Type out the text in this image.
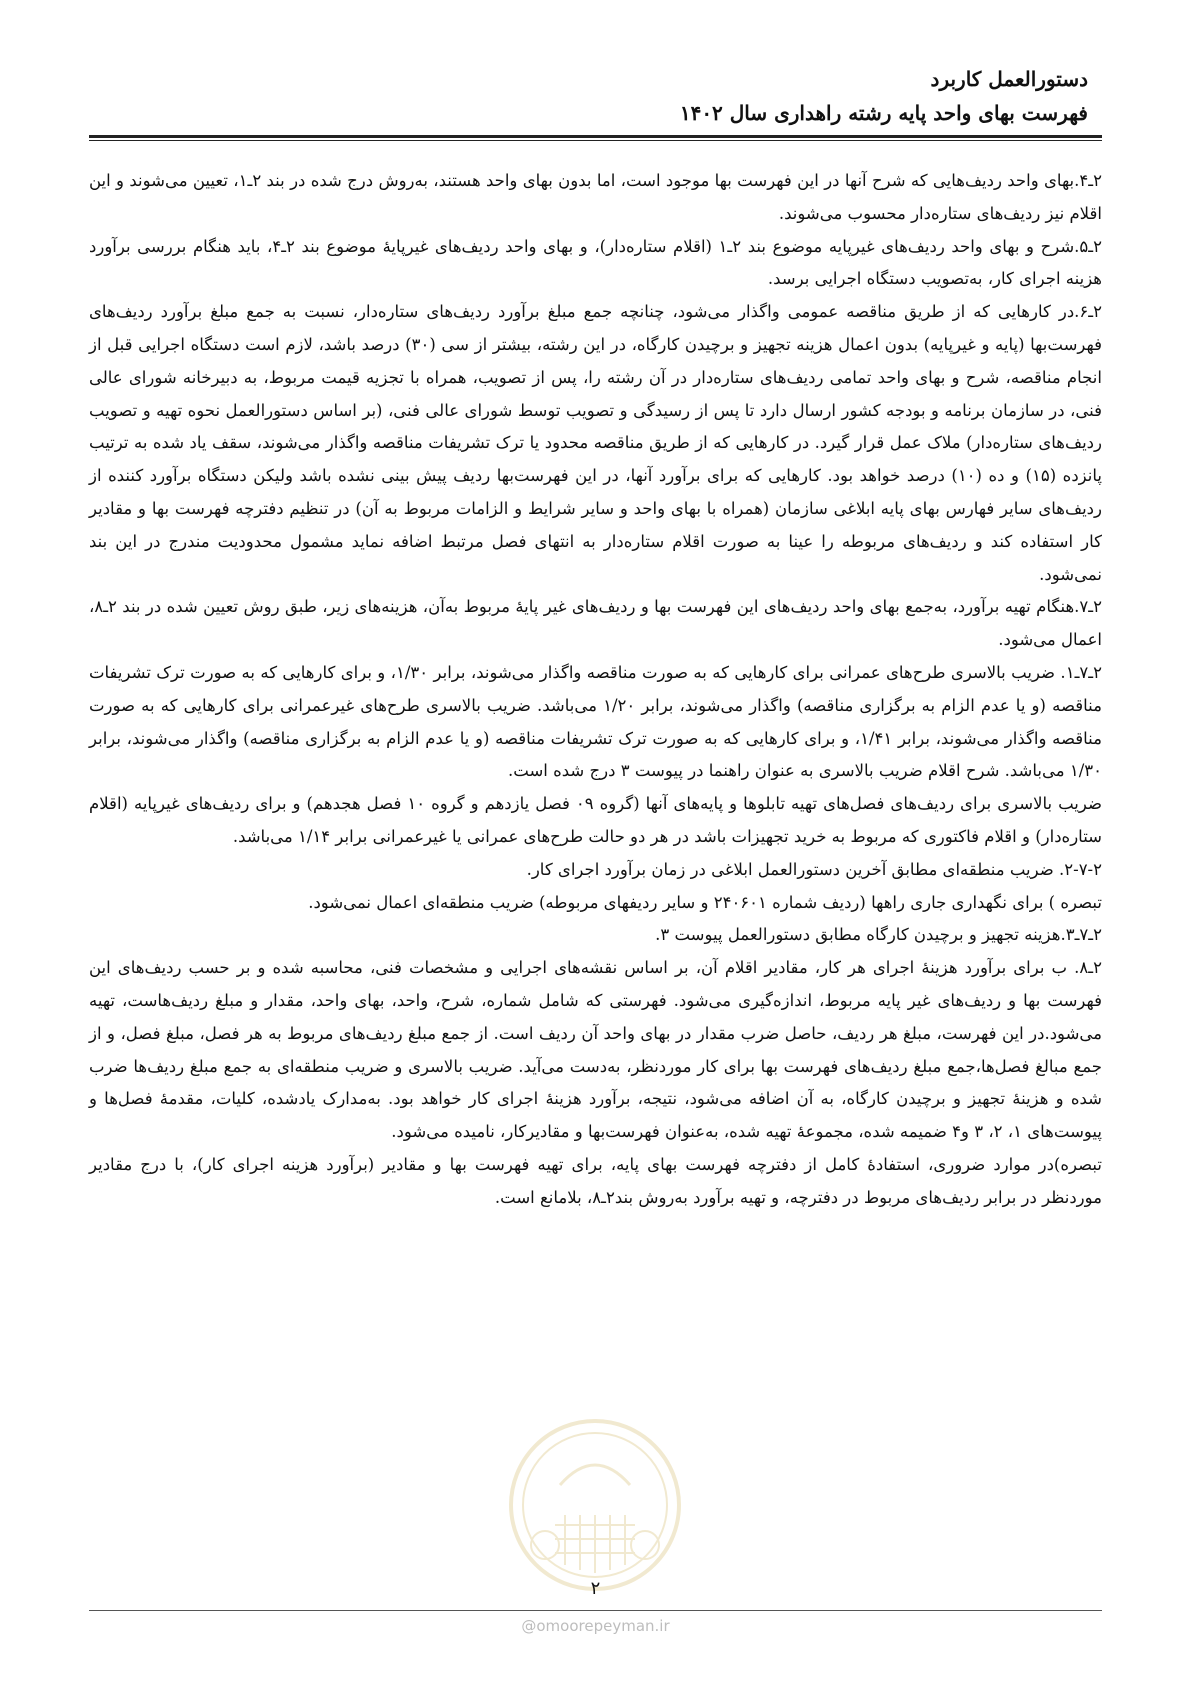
دستورالعمل کاربرد
فهرست بهای واحد پایه رشته راهداری سال ۱۴۰۲

۲ـ۴.بهای واحد ردیف‌هایی که شرح آنها در این فهرست بها موجود است، اما بدون بهای واحد هستند، به‌روش درج شده در بند ۲ـ۱، تعیین می‌شوند و این اقلام نیز ردیف‌های ستاره‌دار محسوب می‌شوند.

۲ـ۵.شرح و بهای واحد ردیف‌های غیرپایه موضوع بند ۲ـ۱ (اقلام ستاره‌دار)، و بهای واحد ردیف‌های غیرپایهٔ موضوع بند ۲ـ۴، باید هنگام بررسی برآورد هزینه اجرای کار، به‌تصویب دستگاه اجرایی برسد.

۲ـ۶.در کارهایی که از طریق مناقصه عمومی واگذار می‌شود، چنانچه جمع مبلغ برآورد ردیف‌های ستاره‌دار، نسبت به جمع مبلغ برآورد ردیف‌های فهرست‌بها (پایه و غیرپایه) بدون اعمال هزینه تجهیز و برچیدن کارگاه، در این رشته، بیشتر از سی (۳۰) درصد باشد، لازم است دستگاه اجرایی قبل از انجام مناقصه، شرح و بهای واحد تمامی ردیف‌های ستاره‌دار در آن رشته را، پس از تصویب، همراه با تجزیه قیمت مربوط، به دبیرخانه شورای عالی فنی، در سازمان برنامه و بودجه کشور ارسال دارد تا پس از رسیدگی و تصویب توسط شورای عالی فنی، (بر اساس دستورالعمل نحوه تهیه و تصویب ردیف‌های ستاره‌دار) ملاک عمل قرار گیرد. در کارهایی که از طریق مناقصه محدود یا ترک تشریفات مناقصه واگذار می‌شوند، سقف یاد شده به ترتیب پانزده (۱۵) و ده (۱۰) درصد خواهد بود. کارهایی که برای برآورد آنها، در این فهرست‌بها ردیف پیش بینی نشده باشد ولیکن دستگاه برآورد کننده از ردیف‌های سایر فهارس بهای پایه ابلاغی سازمان (همراه با بهای واحد و سایر شرایط و الزامات مربوط به آن) در تنظیم دفترچه فهرست بها و مقادیر کار استفاده کند و ردیف‌های مربوطه را عینا به صورت اقلام ستاره‌دار به انتهای فصل مرتبط اضافه نماید مشمول محدودیت مندرج در این بند نمی‌شود.

۲ـ۷.هنگام تهیه برآورد، به‌جمع بهای واحد ردیف‌های این فهرست بها و ردیف‌های غیر پایهٔ مربوط به‌آن، هزینه‌های زیر، طبق روش تعیین شده در بند ۲ـ۸، اعمال می‌شود.

۲ـ۷ـ۱. ضریب بالاسری طرح‌های عمرانی برای کارهایی که به صورت مناقصه واگذار می‌شوند، برابر ۱/۳۰، و برای کارهایی که به صورت ترک تشریفات مناقصه (و یا عدم الزام به برگزاری مناقصه) واگذار می‌شوند، برابر ۱/۲۰ می‌باشد. ضریب بالاسری طرح‌های غیرعمرانی برای کارهایی که به صورت مناقصه واگذار می‌شوند، برابر ۱/۴۱، و برای کارهایی که به صورت ترک تشریفات مناقصه (و یا عدم الزام به برگزاری مناقصه) واگذار می‌شوند، برابر ۱/۳۰ می‌باشد. شرح اقلام ضریب بالاسری به عنوان راهنما در پیوست ۳ درج شده است.

ضریب بالاسری برای ردیف‌های فصل‌های تهیه تابلوها و پایه‌های آنها (گروه ۰۹ فصل یازدهم و گروه ۱۰ فصل هجدهم) و برای ردیف‌های غیرپایه (اقلام ستاره‌دار) و اقلام فاکتوری که مربوط به خرید تجهیزات باشد در هر دو حالت طرح‌های عمرانی یا غیرعمرانی برابر ۱/۱۴ می‌باشد.

۲-۷-۲. ضریب منطقه‌ای مطابق آخرین دستورالعمل ابلاغی در زمان برآورد اجرای کار.

تبصره ) برای نگهداری جاری راهها (ردیف شماره ۲۴۰۶۰۱ و سایر ردیفهای مربوطه) ضریب منطقه‌ای اعمال نمی‌شود.

۲ـ۷ـ۳.هزینه تجهیز و برچیدن کارگاه مطابق دستورالعمل پیوست ۳.

۲ـ۸. ب برای برآورد هزینهٔ اجرای هر کار، مقادیر اقلام آن، بر اساس نقشه‌های اجرایی و مشخصات فنی، محاسبه شده و بر حسب ردیف‌های این فهرست بها و ردیف‌های غیر پایه مربوط، اندازه‌گیری می‌شود. فهرستی که شامل شماره، شرح، واحد، بهای واحد، مقدار و مبلغ ردیف‌هاست، تهیه می‌شود.در این فهرست، مبلغ هر ردیف، حاصل ضرب مقدار در بهای واحد آن ردیف است. از جمع مبلغ ردیف‌های مربوط به هر فصل، مبلغ فصل، و از جمع مبالغ فصل‌ها،جمع مبلغ ردیف‌های فهرست بها برای کار موردنظر، به‌دست می‌آید. ضریب بالاسری و ضریب منطقه‌ای به جمع مبلغ ردیف‌ها ضرب شده و هزینهٔ تجهیز و برچیدن کارگاه، به آن اضافه می‌شود، نتیجه، برآورد هزینهٔ اجرای کار خواهد بود. به‌مدارک یادشده، کلیات، مقدمهٔ فصل‌ها و پیوست‌های ۱، ۲، ۳ و۴ ضمیمه شده، مجموعهٔ تهیه شده، به‌عنوان فهرست‌بها و مقادیرکار، نامیده می‌شود.

تبصره)در موارد ضروری، استفادهٔ کامل از دفترچه فهرست بهای پایه، برای تهیه فهرست بها و مقادیر (برآورد هزینه اجرای کار)، با درج مقادیر موردنظر در برابر ردیف‌های مربوط در دفترچه، و تهیه برآورد به‌روش بند۲ـ۸، بلامانع است.

۲
@omoorepeyman.ir
